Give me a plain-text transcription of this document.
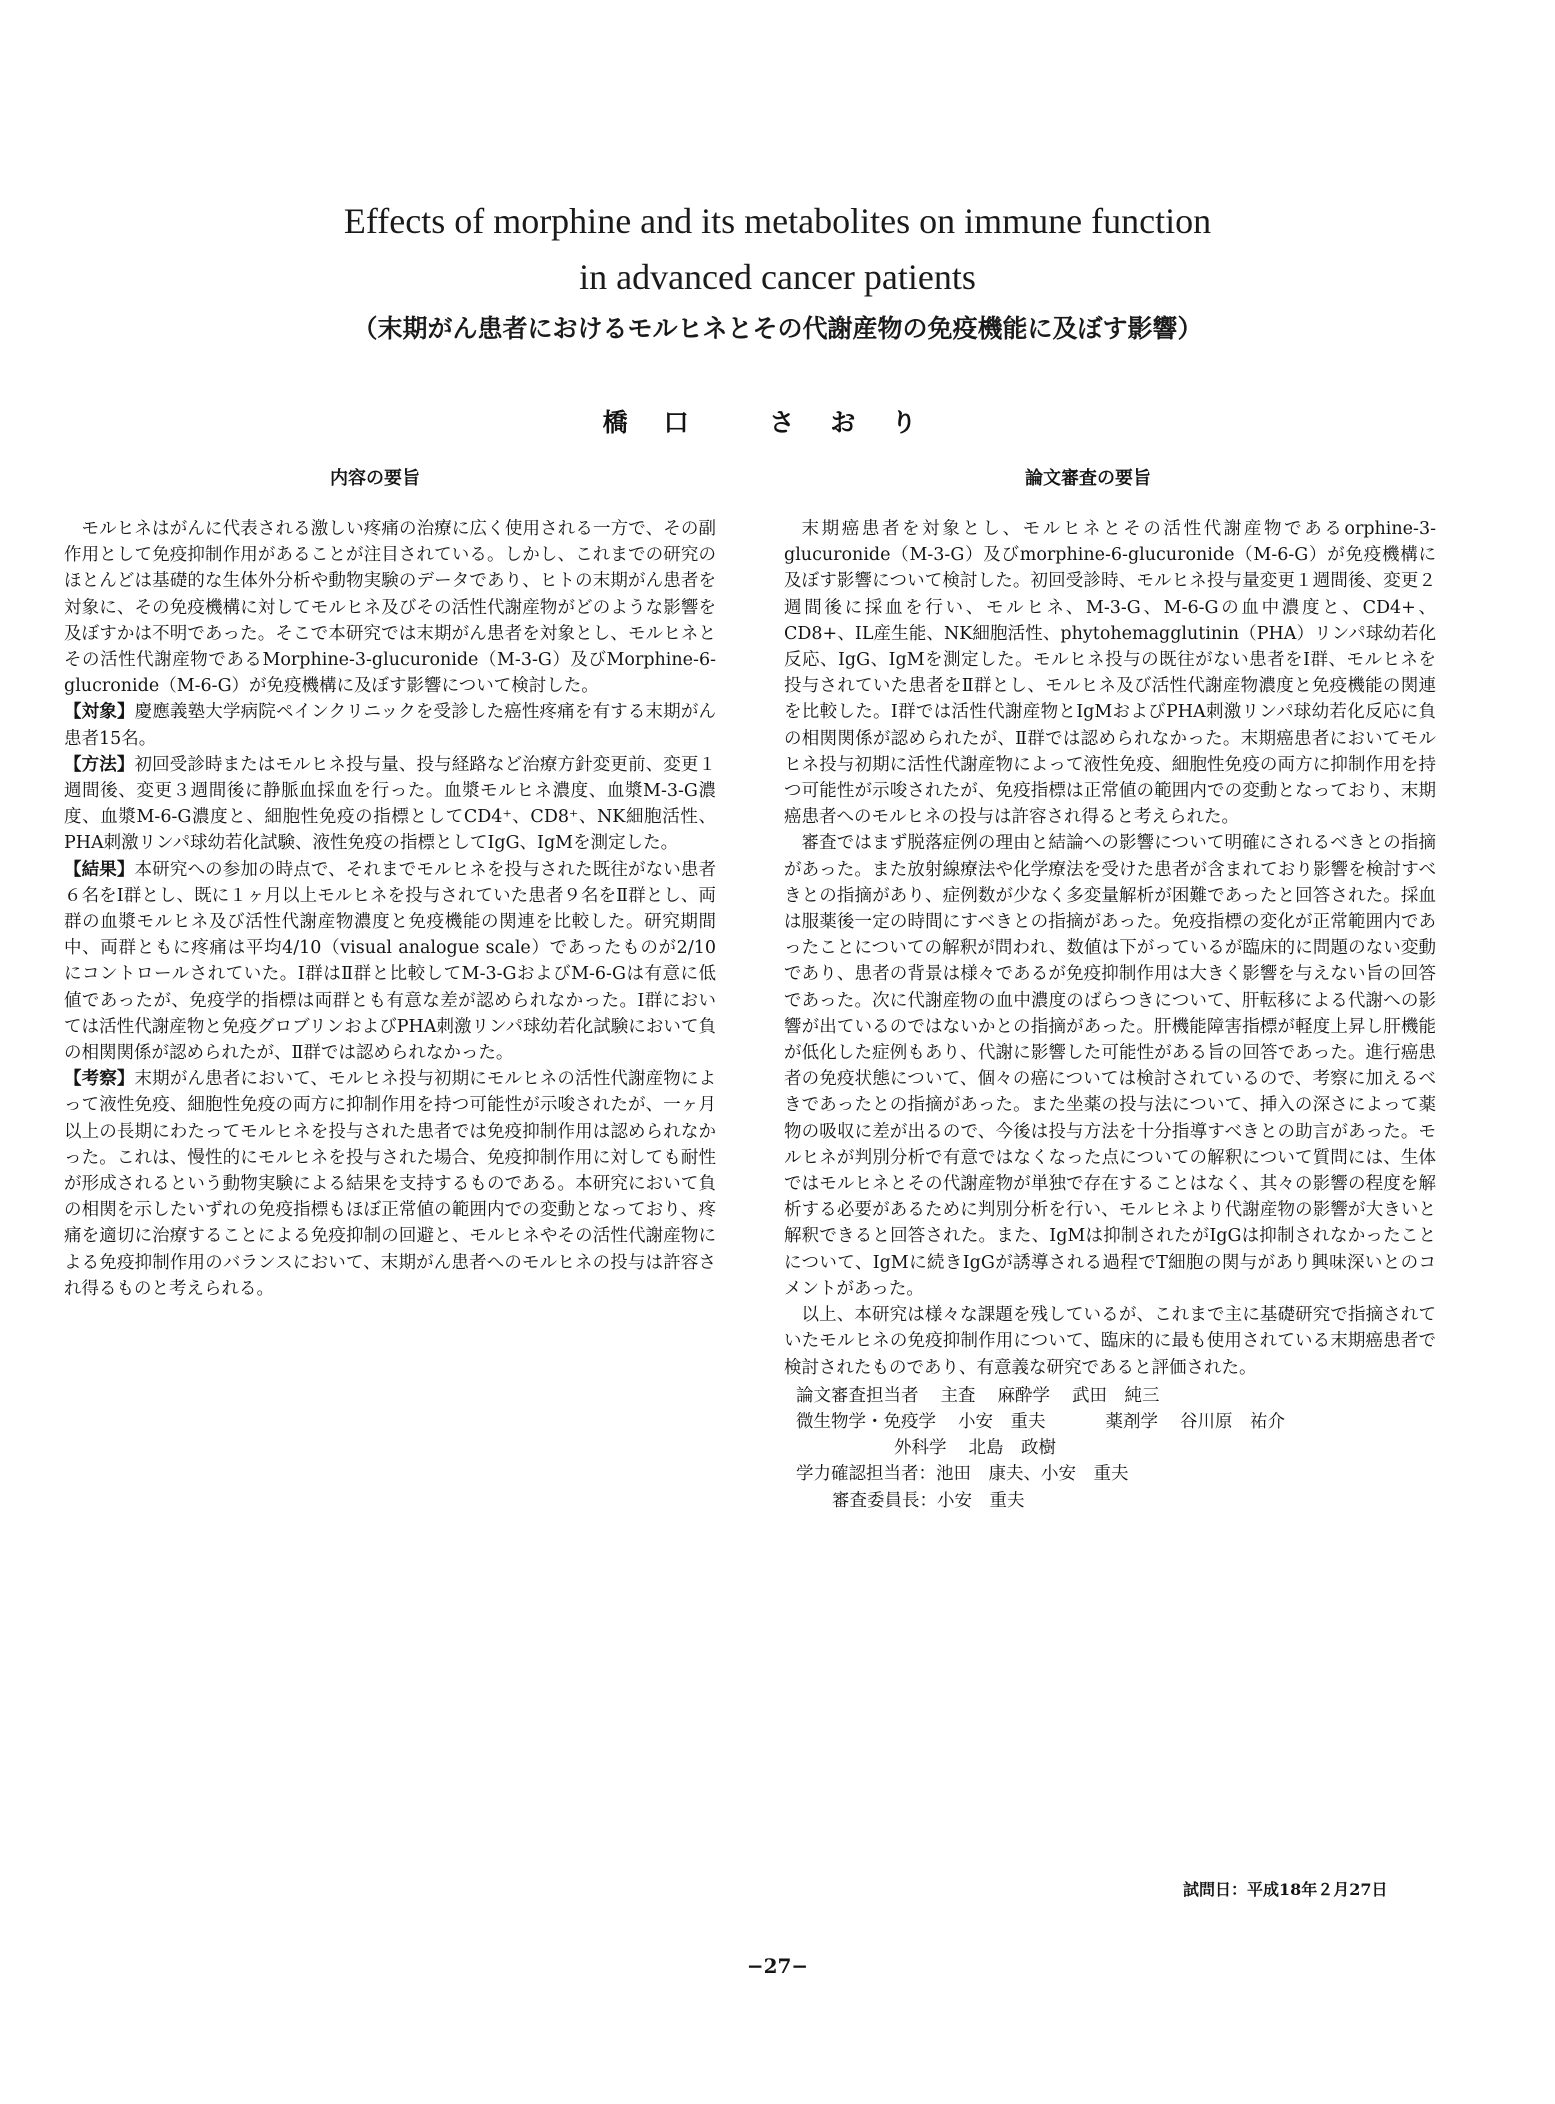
Effects of morphine and its metabolites on immune function
in advanced cancer patients
（末期がん患者におけるモルヒネとその代謝産物の免疫機能に及ぼす影響）
橋口 さおり
内容の要旨	論文審査の要旨

モルヒネはがんに代表される激しい疼痛の治療に広く使用される一方で、その副作用として免疫抑制作用があることが注目されている。しかし、これまでの研究のほとんどは基礎的な生体外分析や動物実験のデータであり、ヒトの末期がん患者を対象に、その免疫機構に対してモルヒネ及びその活性代謝産物がどのような影響を及ぼすかは不明であった。そこで本研究では末期がん患者を対象とし、モルヒネとその活性代謝産物であるMorphine-3-glucuronide（M-3-G）及びMorphine-6-glucronide（M-6-G）が免疫機構に及ぼす影響について検討した。

【対象】慶應義塾大学病院ペインクリニックを受診した癌性疼痛を有する末期がん患者15名。

【方法】初回受診時またはモルヒネ投与量、投与経路など治療方針変更前、変更１週間後、変更３週間後に静脈血採血を行った。血漿モルヒネ濃度、血漿M-3-G濃度、血漿M-6-G濃度と、細胞性免疫の指標としてCD4⁺、CD8⁺、NK細胞活性、PHA刺激リンパ球幼若化試験、液性免疫の指標としてIgG、IgMを測定した。

【結果】本研究への参加の時点で、それまでモルヒネを投与された既往がない患者６名をⅠ群とし、既に１ヶ月以上モルヒネを投与されていた患者９名をⅡ群とし、両群の血漿モルヒネ及び活性代謝産物濃度と免疫機能の関連を比較した。研究期間中、両群ともに疼痛は平均4/10（visual analogue scale）であったものが2/10にコントロールされていた。Ⅰ群はⅡ群と比較してM-3-GおよびM-6-Gは有意に低値であったが、免疫学的指標は両群とも有意な差が認められなかった。Ⅰ群においては活性代謝産物と免疫グロブリンおよびPHA刺激リンパ球幼若化試験において負の相関関係が認められたが、Ⅱ群では認められなかった。

【考察】末期がん患者において、モルヒネ投与初期にモルヒネの活性代謝産物によって液性免疫、細胞性免疫の両方に抑制作用を持つ可能性が示唆されたが、一ヶ月以上の長期にわたってモルヒネを投与された患者では免疫抑制作用は認められなかった。これは、慢性的にモルヒネを投与された場合、免疫抑制作用に対しても耐性が形成されるという動物実験による結果を支持するものである。本研究において負の相関を示したいずれの免疫指標もほぼ正常値の範囲内での変動となっており、疼痛を適切に治療することによる免疫抑制の回避と、モルヒネやその活性代謝産物による免疫抑制作用のバランスにおいて、末期がん患者へのモルヒネの投与は許容され得るものと考えられる。

末期癌患者を対象とし、モルヒネとその活性代謝産物であるorphine-3-glucuronide（M-3-G）及びmorphine-6-glucuronide（M-6-G）が免疫機構に及ぼす影響について検討した。初回受診時、モルヒネ投与量変更１週間後、変更２週間後に採血を行い、モルヒネ、M-3-G、M-6-Gの血中濃度と、CD4+、CD8+、IL産生能、NK細胞活性、phytohemagglutinin（PHA）リンパ球幼若化反応、IgG、IgMを測定した。モルヒネ投与の既往がない患者をⅠ群、モルヒネを投与されていた患者をⅡ群とし、モルヒネ及び活性代謝産物濃度と免疫機能の関連を比較した。Ⅰ群では活性代謝産物とIgMおよびPHA刺激リンパ球幼若化反応に負の相関関係が認められたが、Ⅱ群では認められなかった。末期癌患者においてモルヒネ投与初期に活性代謝産物によって液性免疫、細胞性免疫の両方に抑制作用を持つ可能性が示唆されたが、免疫指標は正常値の範囲内での変動となっており、末期癌患者へのモルヒネの投与は許容され得ると考えられた。

審査ではまず脱落症例の理由と結論への影響について明確にされるべきとの指摘があった。また放射線療法や化学療法を受けた患者が含まれており影響を検討すべきとの指摘があり、症例数が少なく多変量解析が困難であったと回答された。採血は服薬後一定の時間にすべきとの指摘があった。免疫指標の変化が正常範囲内であったことについての解釈が問われ、数値は下がっているが臨床的に問題のない変動であり、患者の背景は様々であるが免疫抑制作用は大きく影響を与えない旨の回答であった。次に代謝産物の血中濃度のばらつきについて、肝転移による代謝への影響が出ているのではないかとの指摘があった。肝機能障害指標が軽度上昇し肝機能が低化した症例もあり、代謝に影響した可能性がある旨の回答であった。進行癌患者の免疫状態について、個々の癌については検討されているので、考察に加えるべきであったとの指摘があった。また坐薬の投与法について、挿入の深さによって薬物の吸収に差が出るので、今後は投与方法を十分指導すべきとの助言があった。モルヒネが判別分析で有意ではなくなった点についての解釈について質問には、生体ではモルヒネとその代謝産物が単独で存在することはなく、其々の影響の程度を解析する必要があるために判別分析を行い、モルヒネより代謝産物の影響が大きいと解釈できると回答された。また、IgMは抑制されたがIgGは抑制されなかったことについて、IgMに続きIgGが誘導される過程でT細胞の関与があり興味深いとのコメントがあった。

以上、本研究は様々な課題を残しているが、これまで主に基礎研究で指摘されていたモルヒネの免疫抑制作用について、臨床的に最も使用されている末期癌患者で検討されたものであり、有意義な研究であると評価された。

論文審査担当者 主査 麻酔学 武田　純三
微生物学・免疫学 小安　重夫	薬剤学 谷川原　祐介
外科学 北島　政樹
学力確認担当者： 池田　康夫、小安　重夫
審査委員長： 小安　重夫
試問日：平成18年２月27日
−27−
